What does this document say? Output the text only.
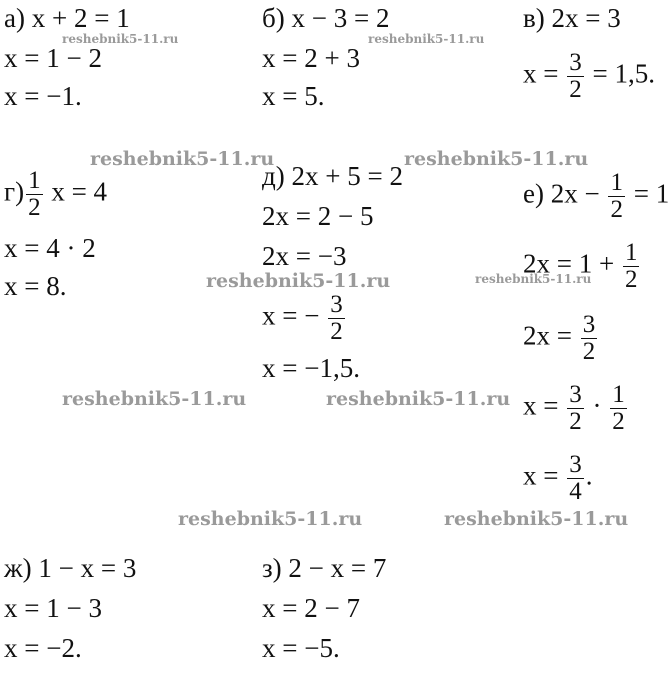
а) x + 2 = 1
x = 1 − 2
x = −1.
б) x − 3 = 2
x = 2 + 3
x = 5.
в) 2x = 3
$x = \frac{3}{2} = 1,5$.
$г) \frac{1}{2}$ x = 4
x = 4 · 2
x = 8.
д) 2x + 5 = 2
2x = 2 − 5
2x = −3
x = − $\frac{3}{2}$
x = −1,5.
е) $2x - \frac{1}{2} = 1$
$2x = 1 + \frac{1}{2}$
$2x = \frac{3}{2}$
$x = \frac{3}{2} \cdot \frac{1}{2}$
$x = \frac{3}{4}$ .
ж) 1 − x = 3
x = 1 − 3
x = −2.
з) 2 − x = 7
x = 2 − 7
x = −5.
reshebnik5-11.ru	reshebnik5-11.ru
reshebnik5-11.ru	reshebnik5-11.ru
reshebnik5-11.ru	reshebnik5-11.ru
reshebnik5-11.ru	reshebnik5-11.ru
reshebnik5-11.ru	reshebnik5-11.ru
